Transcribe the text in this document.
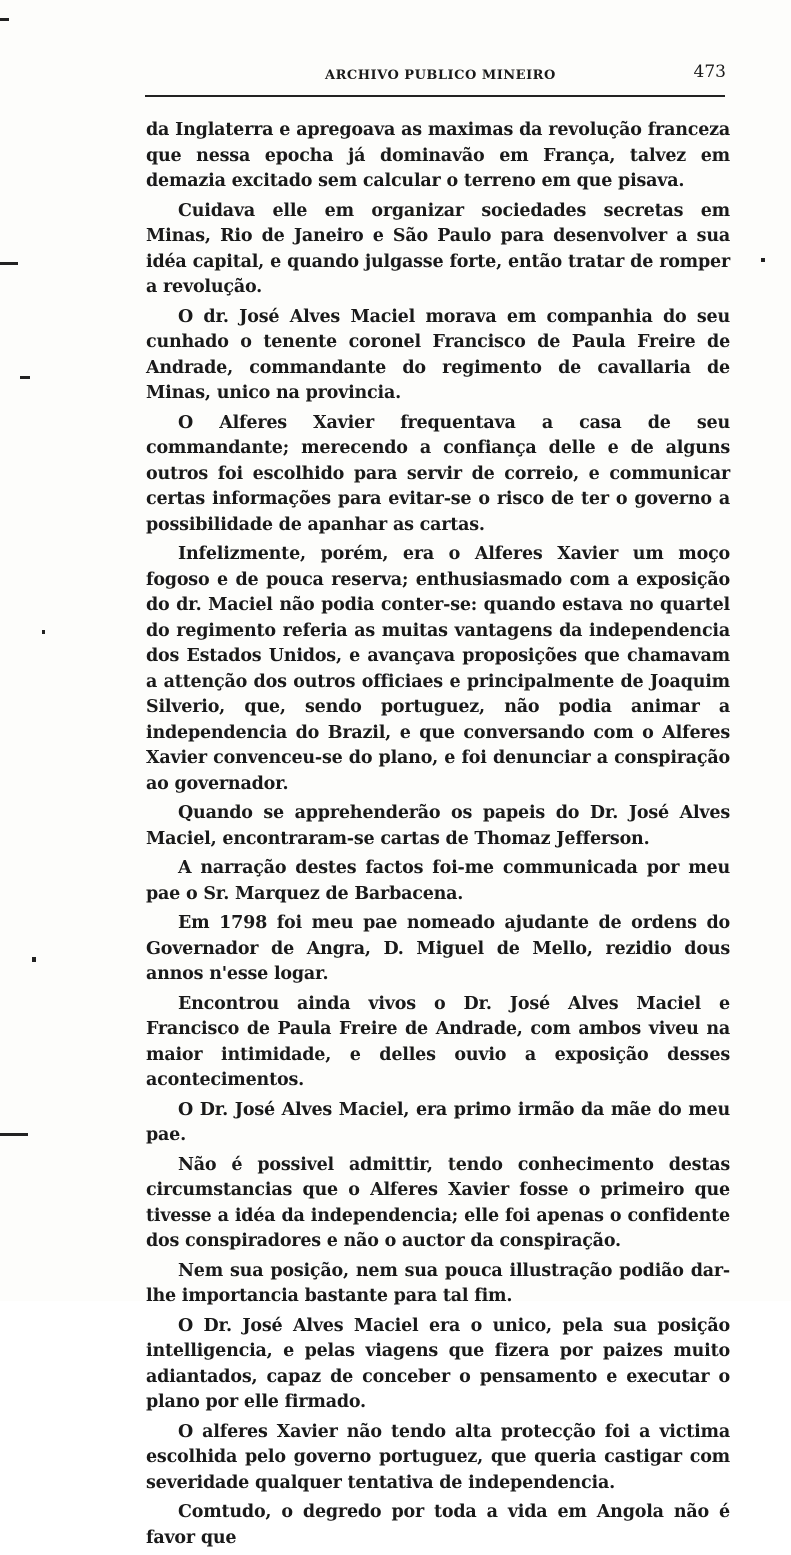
ARCHIVO PUBLICO MINEIRO	473

da Inglaterra e apregoava as maximas da revolução franceza que nessa epocha já dominavão em França, talvez em demazia excitado sem calcular o terreno em que pisava.

Cuidava elle em organizar sociedades secretas em Minas, Rio de Janeiro e São Paulo para desenvolver a sua idéa capital, e quando julgasse forte, então tratar de romper a revolução.

O dr. José Alves Maciel morava em companhia do seu cunhado o tenente coronel Francisco de Paula Freire de Andrade, commandante do regimento de cavallaria de Minas, unico na provincia.

O Alferes Xavier frequentava a casa de seu commandante; merecendo a confiança delle e de alguns outros foi escolhido para servir de correio, e communicar certas informações para evitar-se o risco de ter o governo a possibilidade de apanhar as cartas.

Infelizmente, porém, era o Alferes Xavier um moço fogoso e de pouca reserva; enthusiasmado com a exposição do dr. Maciel não podia conter-se: quando estava no quartel do regimento referia as muitas vantagens da independencia dos Estados Unidos, e avançava proposições que chamavam a attenção dos outros officiaes e principalmente de Joaquim Silverio, que, sendo portuguez, não podia animar a independencia do Brazil, e que conversando com o Alferes Xavier convenceu-se do plano, e foi denunciar a conspiração ao governador.

Quando se apprehenderão os papeis do Dr. José Alves Maciel, encontraram-se cartas de Thomaz Jefferson.

A narração destes factos foi-me communicada por meu pae o Sr. Marquez de Barbacena.

Em 1798 foi meu pae nomeado ajudante de ordens do Governador de Angra, D. Miguel de Mello, rezidio dous annos n'esse logar.

Encontrou ainda vivos o Dr. José Alves Maciel e Francisco de Paula Freire de Andrade, com ambos viveu na maior intimidade, e delles ouvio a exposição desses acontecimentos.

O Dr. José Alves Maciel, era primo irmão da mãe do meu pae.

Não é possivel admittir, tendo conhecimento destas circumstancias que o Alferes Xavier fosse o primeiro que tivesse a idéa da independencia; elle foi apenas o confidente dos conspiradores e não o auctor da conspiração.

Nem sua posição, nem sua pouca illustração podião dar-lhe importancia bastante para tal fim.

O Dr. José Alves Maciel era o unico, pela sua posição intelligencia, e pelas viagens que fizera por paizes muito adiantados, capaz de conceber o pensamento e executar o plano por elle firmado.

O alferes Xavier não tendo alta protecção foi a victima escolhida pelo governo portuguez, que queria castigar com severidade qualquer tentativa de independencia.

Comtudo, o degredo por toda a vida em Angola não é favor que
